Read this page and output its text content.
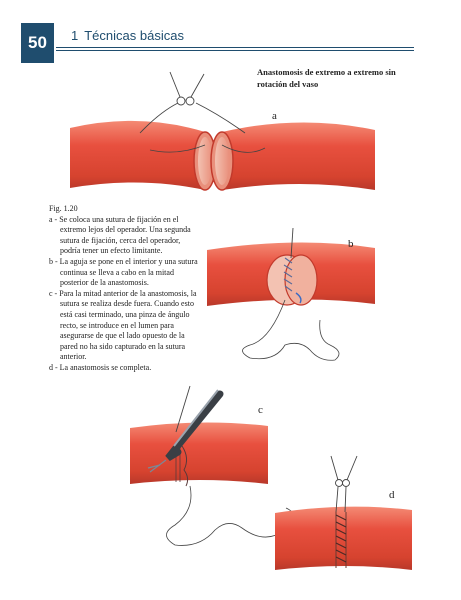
50	1 Técnicas básicas
Anastomosis de extremo a extremo sin
rotación del vaso
a
b
c
d

Fig. 1.20

a - Se coloca una sutura de fijación en el extremo lejos del operador. Una segunda sutura de fijación, cerca del operador, podría tener un efecto limitante.

b - La aguja se pone en el interior y una sutura continua se lleva a cabo en la mitad posterior de la anastomosis.

c - Para la mitad anterior de la anastomosis, la sutura se realiza desde fuera. Cuando esto está casi terminado, una pinza de ángulo recto, se introduce en el lumen para asegurarse de que el lado opuesto de la pared no ha sido capturado en la sutura anterior.

d - La anastomosis se completa.
